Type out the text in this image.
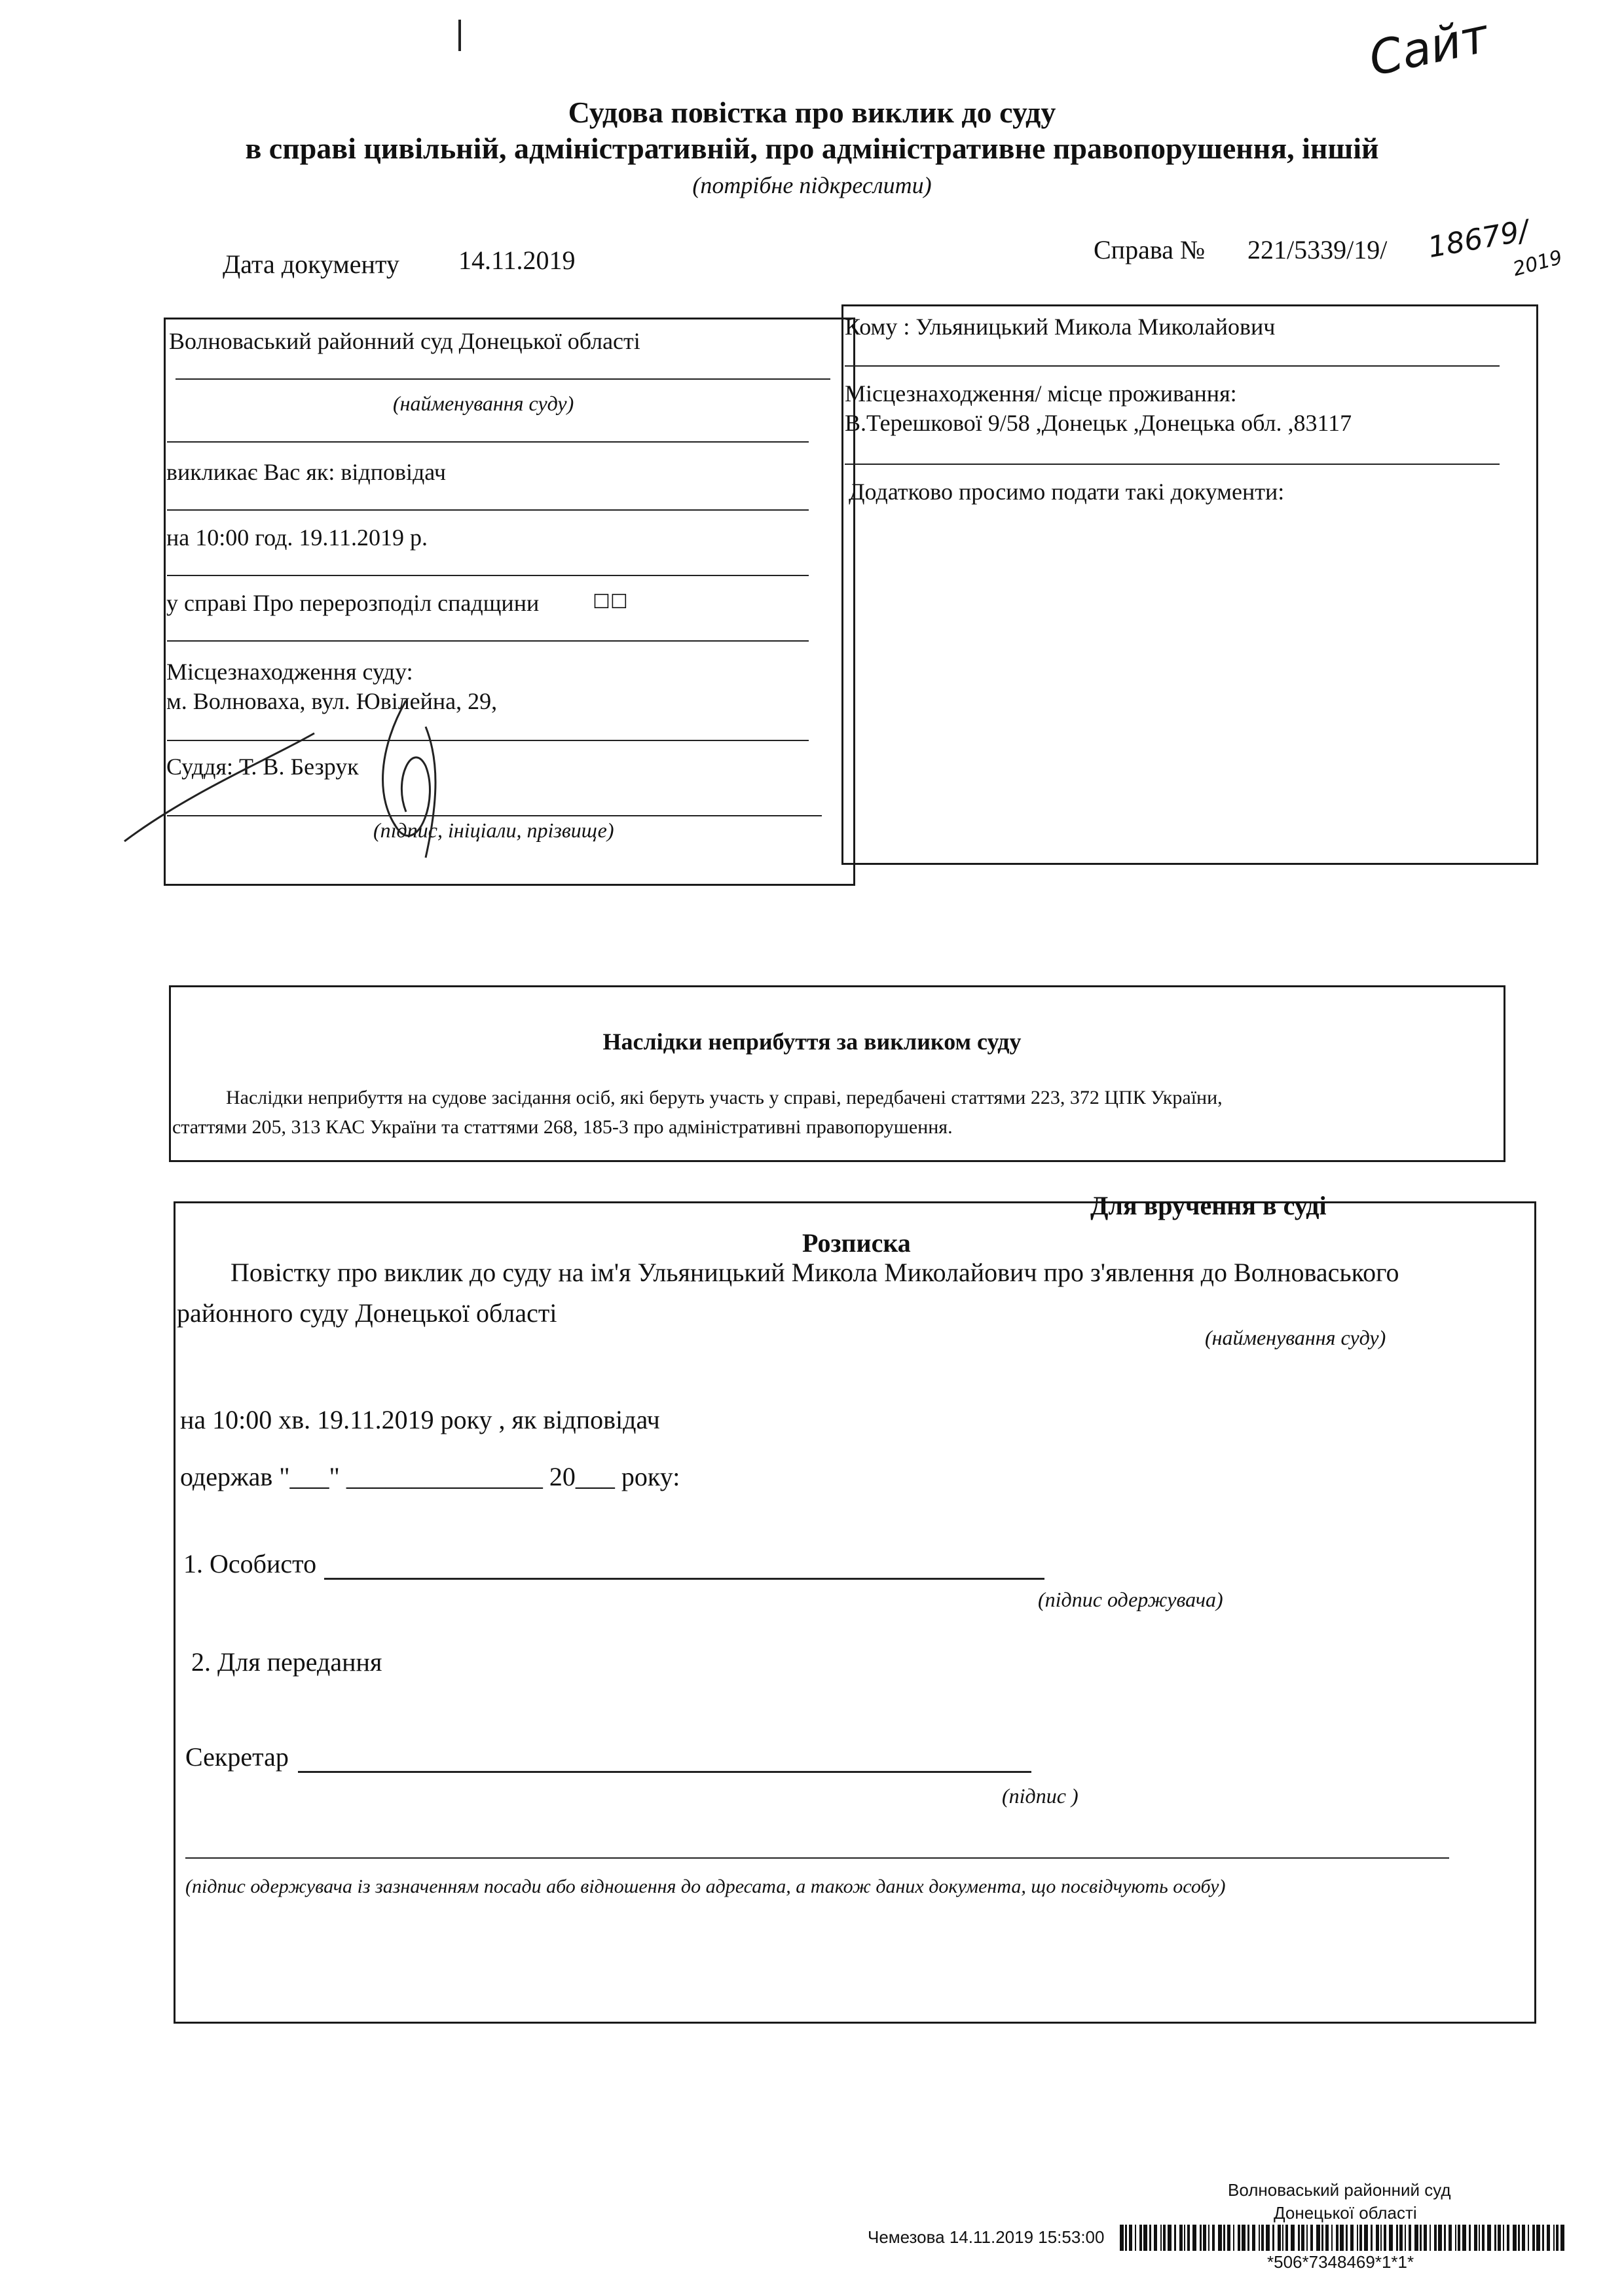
Сайт
Судова повістка про виклик до суду
в справі цивільній, адміністративній, про адміністративне правопорушення, іншій
(потрібне підкреслити)
Дата документу 14.11.2019	Справа № 221/5339/19/ 18679/
2019
Волноваський районний суд Донецької області
(найменування суду)
викликає Вас як: відповідач
на 10:00 год. 19.11.2019 р.
у справі Про перерозподіл спадщини	☐☐
Місцезнаходження суду:
м. Волноваха, вул. Ювілейна, 29,
Суддя: Т. В. Безрук
(підпис, ініціали, прізвище)
Кому : Ульяницький Микола Миколайович
Місцезнаходження/ місце проживання:
В.Терешкової 9/58 ,Донецьк ,Донецька обл. ,83117
Додатково просимо подати такі документи:
Наслідки неприбуття за викликом суду
Наслідки неприбуття на судове засідання осіб, які беруть участь у справі, передбачені статтями 223, 372 ЦПК України,
статтями 205, 313 КАС України та статтями 268, 185-3 про адміністративні правопорушення.
Для вручення в суді
Розписка
Повістку про виклик до суду на ім'я Ульяницький Микола Миколайович про з'явлення до Волноваського
районного суду Донецької області
(найменування суду)
на 10:00 хв. 19.11.2019 року , як відповідач
одержав "___" _______________ 20___ року:
1. Особисто
(підпис одержувача)
2. Для передання
Секретар
(підпис )
(підпис одержувача із зазначенням посади або відношення до адресата, а також даних документа, що посвідчують особу)
Волноваський районний суд
Донецької області
Чемезова 14.11.2019 15:53:00
*506*7348469*1*1*
